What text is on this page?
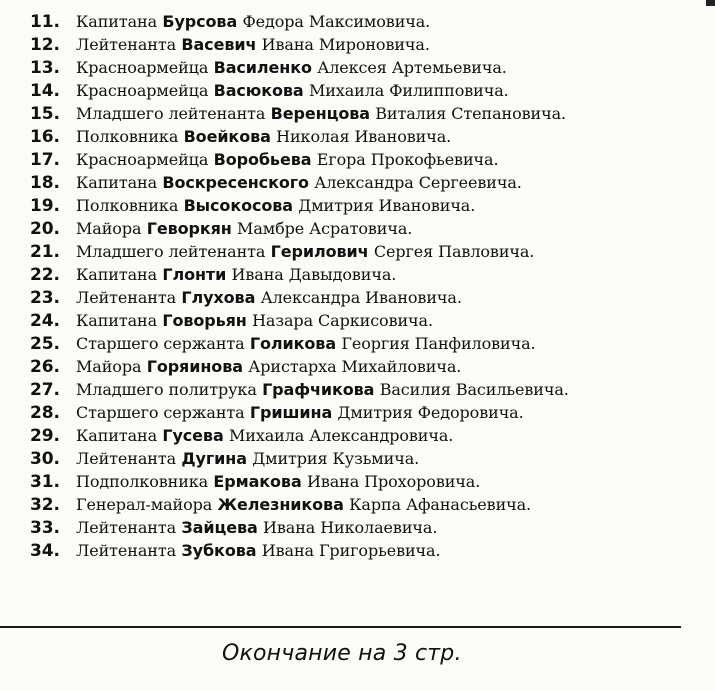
11. Капитана Бурсова Федора Максимовича.
12. Лейтенанта Васевич Ивана Мироновича.
13. Красноармейца Василенко Алексея Артемьевича.
14. Красноармейца Васюкова Михаила Филипповича.
15. Младшего лейтенанта Веренцова Виталия Степановича.
16. Полковника Воейкова Николая Ивановича.
17. Красноармейца Воробьева Егора Прокофьевича.
18. Капитана Воскресенского Александра Сергеевича.
19. Полковника Высокосова Дмитрия Ивановича.
20. Майора Геворкян Мамбре Асратовича.
21. Младшего лейтенанта Герилович Сергея Павловича.
22. Капитана Глонти Ивана Давыдовича.
23. Лейтенанта Глухова Александра Ивановича.
24. Капитана Говорьян Назара Саркисовича.
25. Старшего сержанта Голикова Георгия Панфиловича.
26. Майора Горяинова Аристарха Михайловича.
27. Младшего политрука Графчикова Василия Васильевича.
28. Старшего сержанта Гришина Дмитрия Федоровича.
29. Капитана Гусева Михаила Александровича.
30. Лейтенанта Дугина Дмитрия Кузьмича.
31. Подполковника Ермакова Ивана Прохоровича.
32. Генерал-майора Железникова Карпа Афанасьевича.
33. Лейтенанта Зайцева Ивана Николаевича.
34. Лейтенанта Зубкова Ивана Григорьевича.
Окончание на 3 стр.
